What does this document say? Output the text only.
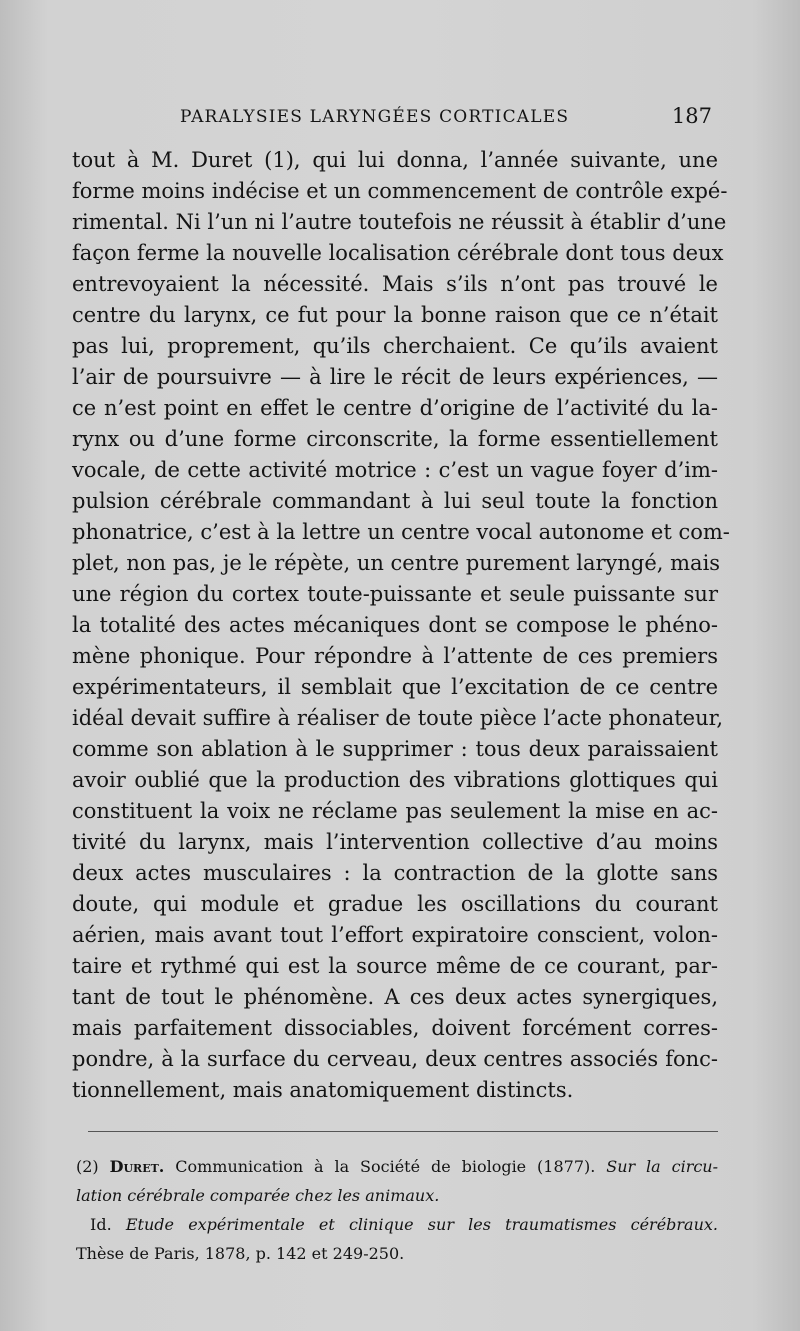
PARALYSIES LARYNGÉES CORTICALES	187
tout à M. Duret (1), qui lui donna, l’année suivante, une
forme moins indécise et un commencement de contrôle expé-
rimental. Ni l’un ni l’autre toutefois ne réussit à établir d’une
façon ferme la nouvelle localisation cérébrale dont tous deux
entrevoyaient la nécessité. Mais s’ils n’ont pas trouvé le
centre du larynx, ce fut pour la bonne raison que ce n’était
pas lui, proprement, qu’ils cherchaient. Ce qu’ils avaient
l’air de poursuivre — à lire le récit de leurs expériences, —
ce n’est point en effet le centre d’origine de l’activité du la-
rynx ou d’une forme circonscrite, la forme essentiellement
vocale, de cette activité motrice : c’est un vague foyer d’im-
pulsion cérébrale commandant à lui seul toute la fonction
phonatrice, c’est à la lettre un centre vocal autonome et com-
plet, non pas, je le répète, un centre purement laryngé, mais
une région du cortex toute-puissante et seule puissante sur
la totalité des actes mécaniques dont se compose le phéno-
mène phonique. Pour répondre à l’attente de ces premiers
expérimentateurs, il semblait que l’excitation de ce centre
idéal devait suffire à réaliser de toute pièce l’acte phonateur,
comme son ablation à le supprimer : tous deux paraissaient
avoir oublié que la production des vibrations glottiques qui
constituent la voix ne réclame pas seulement la mise en ac-
tivité du larynx, mais l’intervention collective d’au moins
deux actes musculaires : la contraction de la glotte sans
doute, qui module et gradue les oscillations du courant
aérien, mais avant tout l’effort expiratoire conscient, volon-
taire et rythmé qui est la source même de ce courant, par-
tant de tout le phénomène. A ces deux actes synergiques,
mais parfaitement dissociables, doivent forcément corres-
pondre, à la surface du cerveau, deux centres associés fonc-
tionnellement, mais anatomiquement distincts.
(2) Duret. Communication à la Société de biologie (1877). Sur la circu-
lation cérébrale comparée chez les animaux.
Id. Etude expérimentale et clinique sur les traumatismes cérébraux.
Thèse de Paris, 1878, p. 142 et 249-250.
